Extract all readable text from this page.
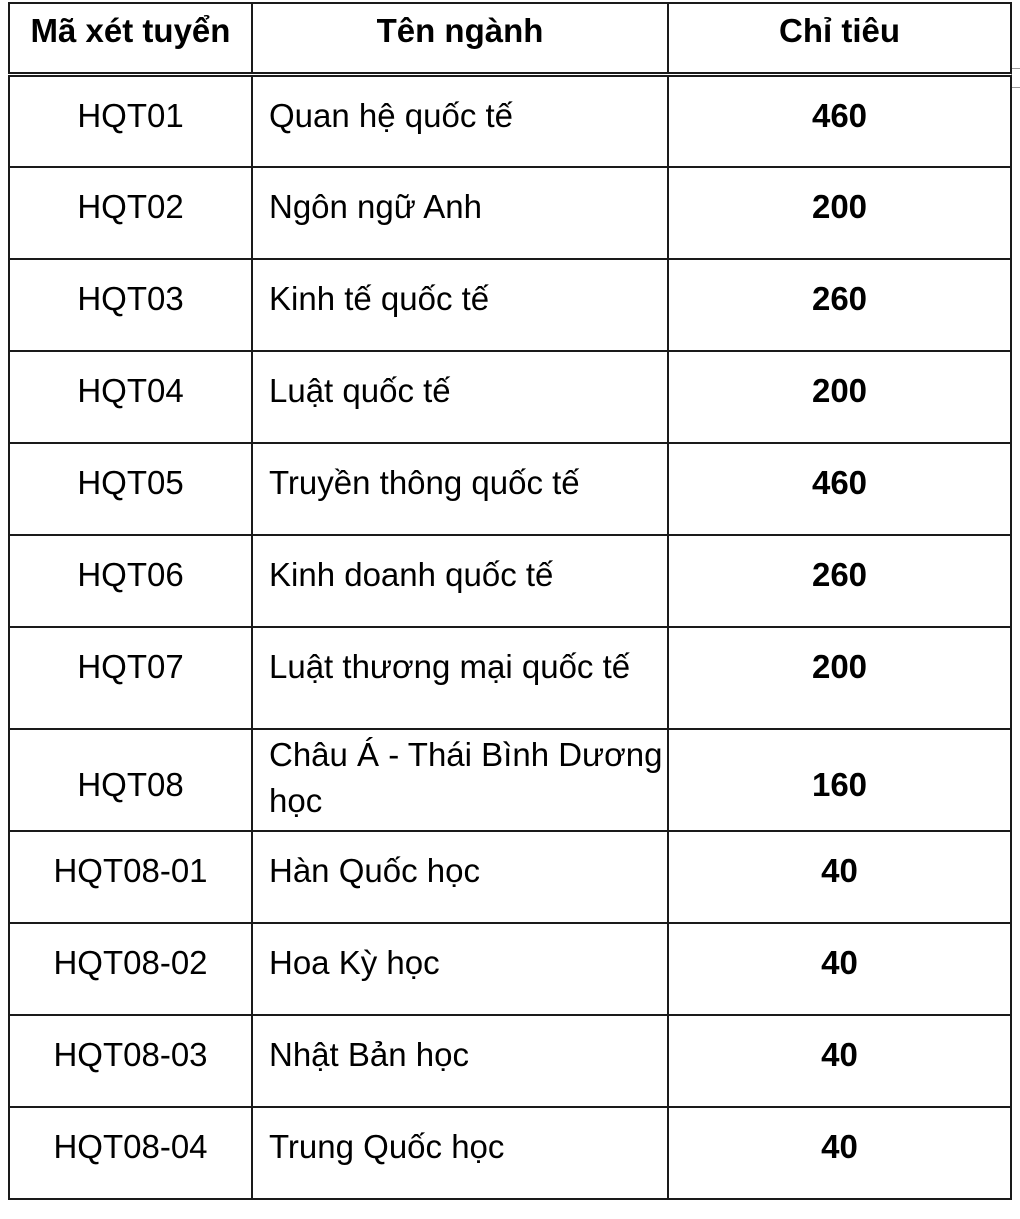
Mã xét tuyển	Tên ngành	Chỉ tiêu
HQT01	Quan hệ quốc tế	460
HQT02	Ngôn ngữ Anh	200
HQT03	Kinh tế quốc tế	260
HQT04	Luật quốc tế	200
HQT05	Truyền thông quốc tế	460
HQT06	Kinh doanh quốc tế	260
HQT07	Luật thương mại quốc tế	200
HQT08	Châu Á - Thái Bình Dương học	160
HQT08-01	Hàn Quốc học	40
HQT08-02	Hoa Kỳ học	40
HQT08-03	Nhật Bản học	40
HQT08-04	Trung Quốc học	40
